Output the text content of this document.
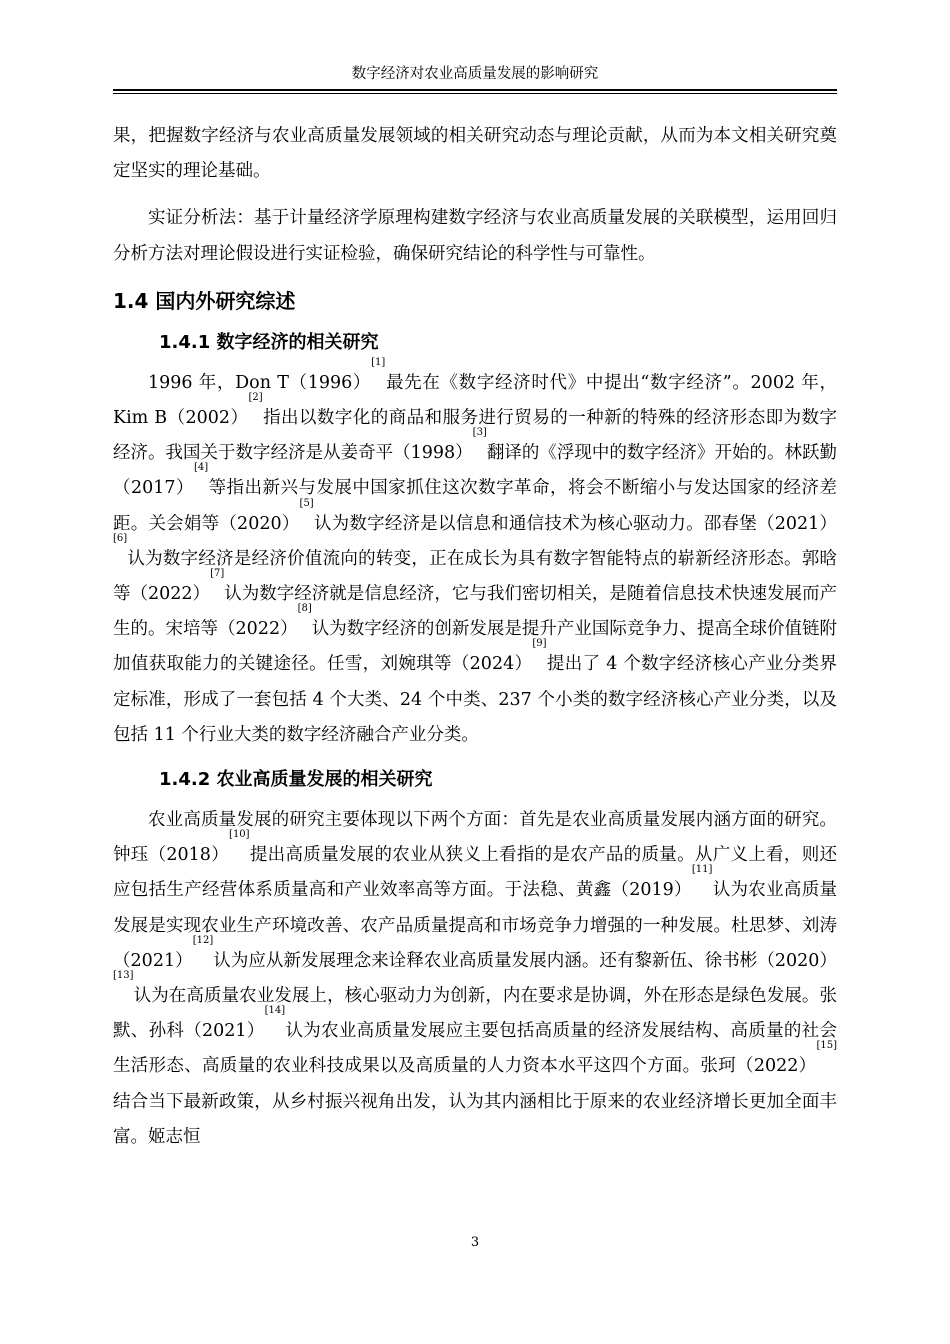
数字经济对农业高质量发展的影响研究

果，把握数字经济与农业高质量发展领域的相关研究动态与理论贡献，从而为本文相关研究奠定坚实的理论基础。

实证分析法：基于计量经济学原理构建数字经济与农业高质量发展的关联模型，运用回归分析方法对理论假设进行实证检验，确保研究结论的科学性与可靠性。

1.4 国内外研究综述
1.4.1 数字经济的相关研究

1996 年，Don T（1996）[1]最先在《数字经济时代》中提出“数字经济”。2002 年，Kim B（2002）[2]指出以数字化的商品和服务进行贸易的一种新的特殊的经济形态即为数字经济。我国关于数字经济是从姜奇平（1998）[3]翻译的《浮现中的数字经济》开始的。林跃勤（2017）[4]等指出新兴与发展中国家抓住这次数字革命，将会不断缩小与发达国家的经济差距。关会娟等（2020）[5]认为数字经济是以信息和通信技术为核心驱动力。邵春堡（2021）[6]认为数字经济是经济价值流向的转变，正在成长为具有数字智能特点的崭新经济形态。郭晗等（2022）[7]认为数字经济就是信息经济，它与我们密切相关，是随着信息技术快速发展而产生的。宋培等（2022）[8]认为数字经济的创新发展是提升产业国际竞争力、提高全球价值链附加值获取能力的关键途径。任雪，刘婉琪等（2024）[9]提出了 4 个数字经济核心产业分类界定标准，形成了一套包括 4 个大类、24 个中类、237 个小类的数字经济核心产业分类，以及包括 11 个行业大类的数字经济融合产业分类。

1.4.2 农业高质量发展的相关研究

农业高质量发展的研究主要体现以下两个方面：首先是农业高质量发展内涵方面的研究。钟珏（2018）[10]提出高质量发展的农业从狭义上看指的是农产品的质量。从广义上看，则还应包括生产经营体系质量高和产业效率高等方面。于法稳、黄鑫（2019）[11]认为农业高质量发展是实现农业生产环境改善、农产品质量提高和市场竞争力增强的一种发展。杜思梦、刘涛（2021）[12]认为应从新发展理念来诠释农业高质量发展内涵。还有黎新伍、徐书彬（2020）[13]认为在高质量农业发展上，核心驱动力为创新，内在要求是协调，外在形态是绿色发展。张默、孙科（2021）[14]认为农业高质量发展应主要包括高质量的经济发展结构、高质量的社会生活形态、高质量的农业科技成果以及高质量的人力资本水平这四个方面。张珂（2022）[15]结合当下最新政策，从乡村振兴视角出发，认为其内涵相比于原来的农业经济增长更加全面丰富。姬志恒

3
